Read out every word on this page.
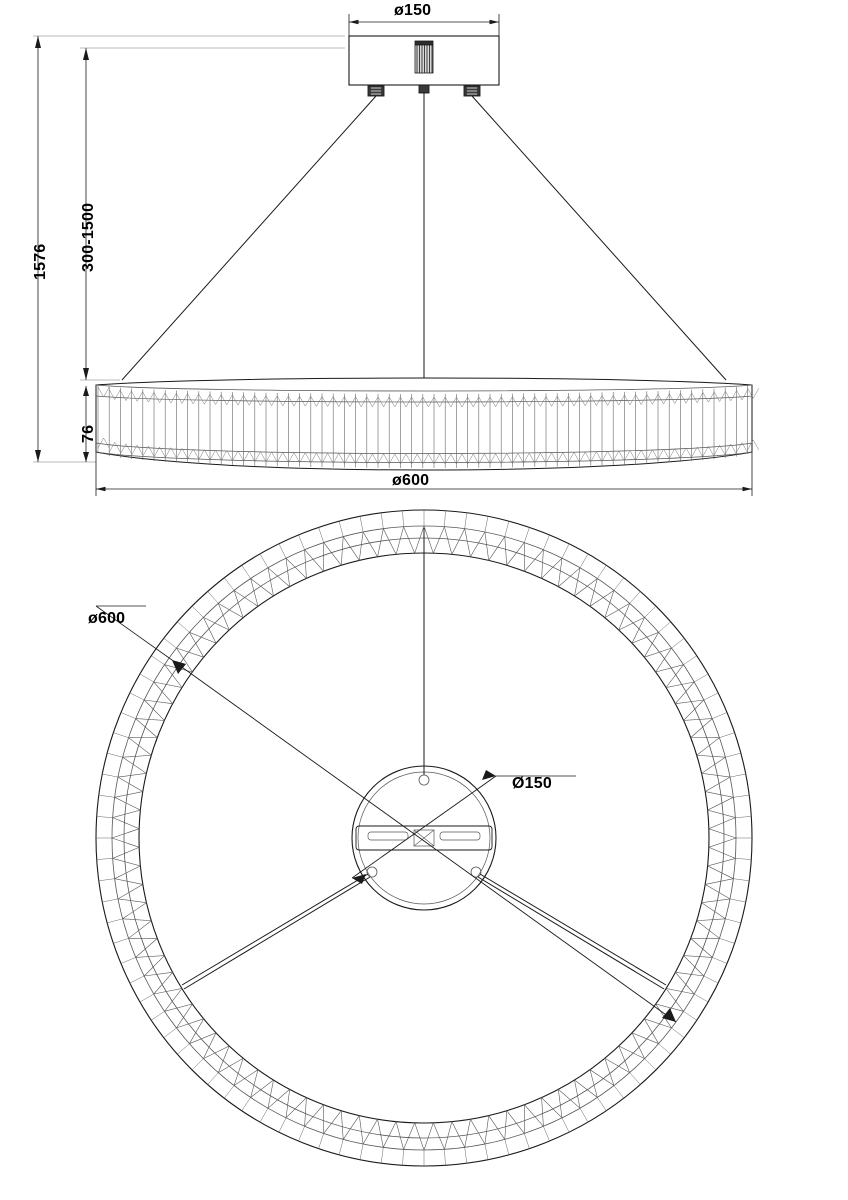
ø150
1576 300-1500
76
ø600
ø600
Ø150
